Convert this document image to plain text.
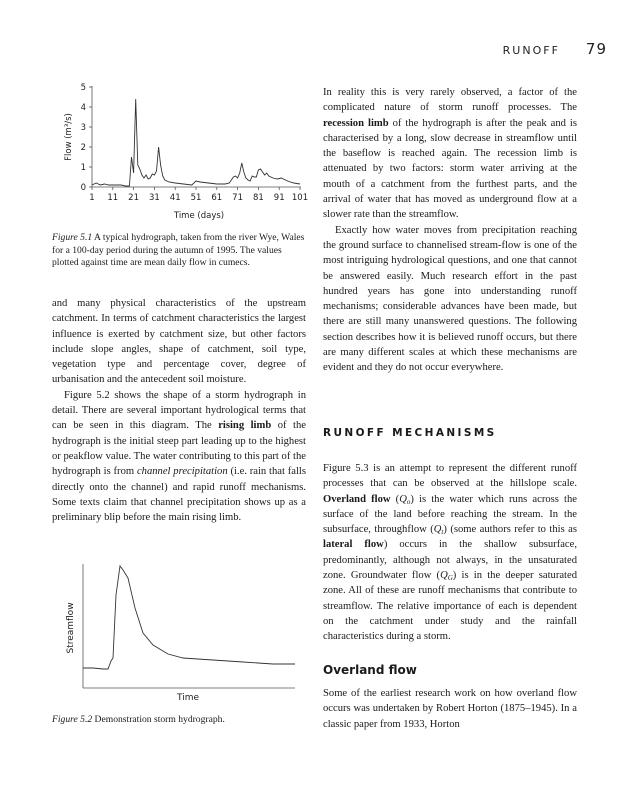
RUNOFF 79
0
1
2
3
4
5
1 11 21 31 41 51 61 71 81 91 101
Flow (m³/s)
Time (days)
Streamflow
Time
Figure 5.1 A typical hydrograph, taken from the river Wye, Wales for a 100-day period during the autumn of 1995. The values plotted against time are mean daily flow in cumecs.

and many physical characteristics of the upstream catchment. In terms of catchment characteristics the largest influence is exerted by catchment size, but other factors include slope angles, shape of catchment, soil type, vegetation type and percentage cover, degree of urbanisation and the antecedent soil moisture.

Figure 5.2 shows the shape of a storm hydrograph in detail. There are several important hydrological terms that can be seen in this diagram. The rising limb of the hydrograph is the initial steep part leading up to the highest or peakflow value. The water contributing to this part of the hydrograph is from channel precipitation (i.e. rain that falls directly onto the channel) and rapid runoff mechanisms. Some texts claim that channel precipitation shows up as a preliminary blip before the main rising limb.

Figure 5.2 Demonstration storm hydrograph.

In reality this is very rarely observed, a factor of the complicated nature of storm runoff processes. The recession limb of the hydrograph is after the peak and is characterised by a long, slow decrease in streamflow until the baseflow is reached again. The recession limb is attenuated by two factors: storm water arriving at the mouth of a catchment from the furthest parts, and the arrival of water that has moved as underground flow at a slower rate than the streamflow.

Exactly how water moves from precipitation reaching the ground surface to channelised stream-flow is one of the most intriguing hydrological questions, and one that cannot be answered easily. Much research effort in the past hundred years has gone into understanding runoff mechanisms; considerable advances have been made, but there are still many unanswered questions. The following section describes how it is believed runoff occurs, but there are many different scales at which these mechanisms are evident and they do not occur everywhere.

RUNOFF MECHANISMS

Figure 5.3 is an attempt to represent the different runoff processes that can be observed at the hillslope scale. Overland flow $(Q_o)$ is the water which runs across the surface of the land before reaching the stream. In the subsurface, throughflow $(Q_t)$ (some authors refer to this as lateral flow) occurs in the shallow subsurface, predominantly, although not always, in the unsaturated zone. Groundwater flow $(Q_G)$ is in the deeper saturated zone. All of these are runoff mechanisms that contribute to streamflow. The relative importance of each is dependent on the catchment under study and the rainfall characteristics during a storm.

Overland flow

Some of the earliest research work on how overland flow occurs was undertaken by Robert Horton (1875–1945). In a classic paper from 1933, Horton
